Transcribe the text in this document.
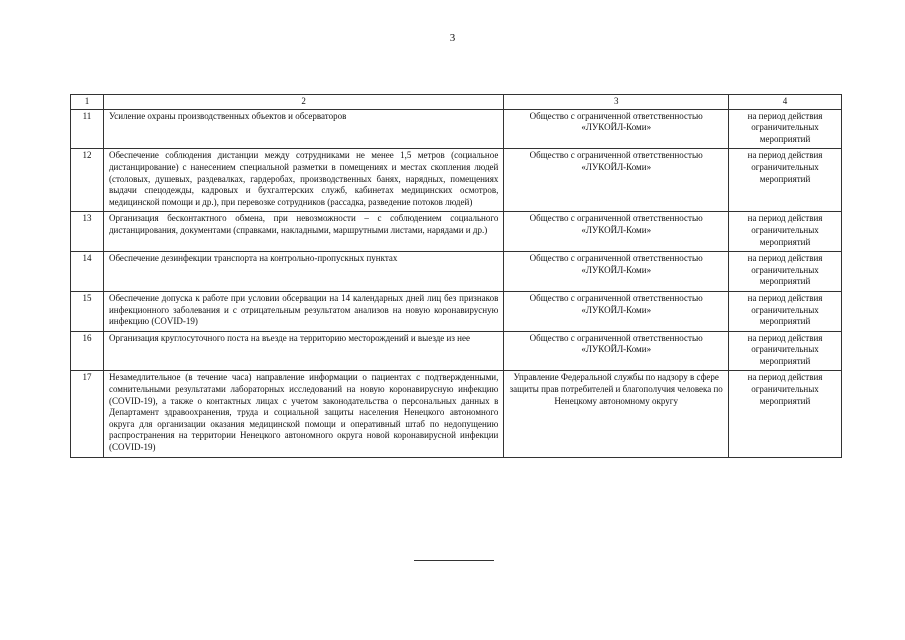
3
1	2	3	4
11	Усиление охраны производственных объектов и обсерваторов	Общество с ограниченной ответственностью «ЛУКОЙЛ-Коми»	на период действия ограничительных мероприятий
12	Обеспечение соблюдения дистанции между сотрудниками не менее 1,5 метров (социальное дистанцирование) с нанесением специальной разметки в помещениях и местах скопления людей (столовых, душевых, раздевалках, гардеробах, производственных банях, нарядных, помещениях выдачи спецодежды, кадровых и бухгалтерских служб, кабинетах медицинских осмотров, медицинской помощи и др.), при перевозке сотрудников (рассадка, разведение потоков людей)	Общество с ограниченной ответственностью «ЛУКОЙЛ-Коми»	на период действия ограничительных мероприятий
13	Организация бесконтактного обмена, при невозможности – с соблюдением социального дистанцирования, документами (справками, накладными, маршрутными листами, нарядами и др.)	Общество с ограниченной ответственностью «ЛУКОЙЛ-Коми»	на период действия ограничительных мероприятий
14	Обеспечение дезинфекции транспорта на контрольно-пропускных пунктах	Общество с ограниченной ответственностью «ЛУКОЙЛ-Коми»	на период действия ограничительных мероприятий
15	Обеспечение допуска к работе при условии обсервации на 14 календарных дней лиц без признаков инфекционного заболевания и с отрицательным результатом анализов на новую коронавирусную инфекцию (COVID-19)	Общество с ограниченной ответственностью «ЛУКОЙЛ-Коми»	на период действия ограничительных мероприятий
16	Организация круглосуточного поста на въезде на территорию месторождений и выезде из нее	Общество с ограниченной ответственностью «ЛУКОЙЛ-Коми»	на период действия ограничительных мероприятий
17	Незамедлительное (в течение часа) направление информации о пациентах с подтвержденными, сомнительными результатами лабораторных исследований на новую коронавирусную инфекцию (COVID-19), а также о контактных лицах с учетом законодательства о персональных данных в Департамент здравоохранения, труда и социальной защиты населения Ненецкого автономного округа для организации оказания медицинской помощи и оперативный штаб по недопущению распространения на территории Ненецкого автономного округа новой коронавирусной инфекции (COVID-19)	Управление Федеральной службы по надзору в сфере защиты прав потребителей и благополучия человека по Ненецкому автономному округу	на период действия ограничительных мероприятий
